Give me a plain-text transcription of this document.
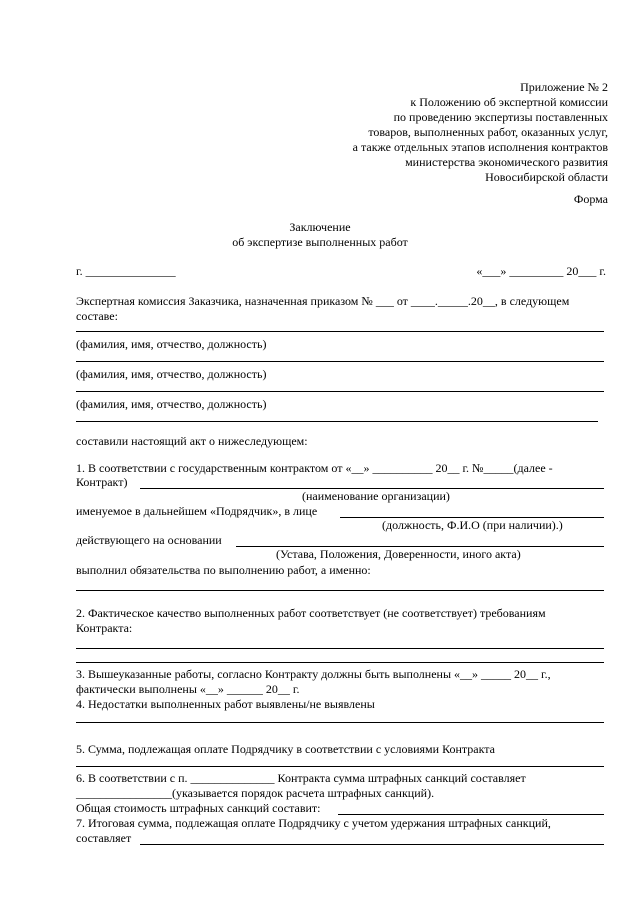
Приложение № 2
к Положению об экспертной комиссии
по проведению экспертизы поставленных
товаров, выполненных работ, оказанных услуг,
а также отдельных этапов исполнения контрактов
министерства экономического развития
Новосибирской области
Форма
Заключение
об экспертизе выполненных работ
г. _______________	«___» _________ 20___ г.
Экспертная комиссия Заказчика, назначенная приказом № ___ от ____._____.20__, в следующем
составе:
(фамилия, имя, отчество, должность)
(фамилия, имя, отчество, должность)
(фамилия, имя, отчество, должность)
составили настоящий акт о нижеследующем:
1. В соответствии с государственным контрактом от «__» __________ 20__ г. №_____(далее -
Контракт)
(наименование организации)
именуемое в дальнейшем «Подрядчик», в лице
(должность, Ф.И.О (при наличии).)
действующего на основании
(Устава, Положения, Доверенности, иного акта)
выполнил обязательства по выполнению работ, а именно:
2. Фактическое качество выполненных работ соответствует (не соответствует) требованиям
Контракта:
3. Вышеуказанные работы, согласно Контракту должны быть выполнены «__» _____ 20__ г.,
фактически выполнены «__» ______ 20__ г.
4. Недостатки выполненных работ выявлены/не выявлены
5. Сумма, подлежащая оплате Подрядчику в соответствии с условиями Контракта
6. В соответствии с п. ______________ Контракта сумма штрафных санкций составляет
________________(указывается порядок расчета штрафных санкций).
Общая стоимость штрафных санкций составит:
7. Итоговая сумма, подлежащая оплате Подрядчику с учетом удержания штрафных санкций,
составляет
